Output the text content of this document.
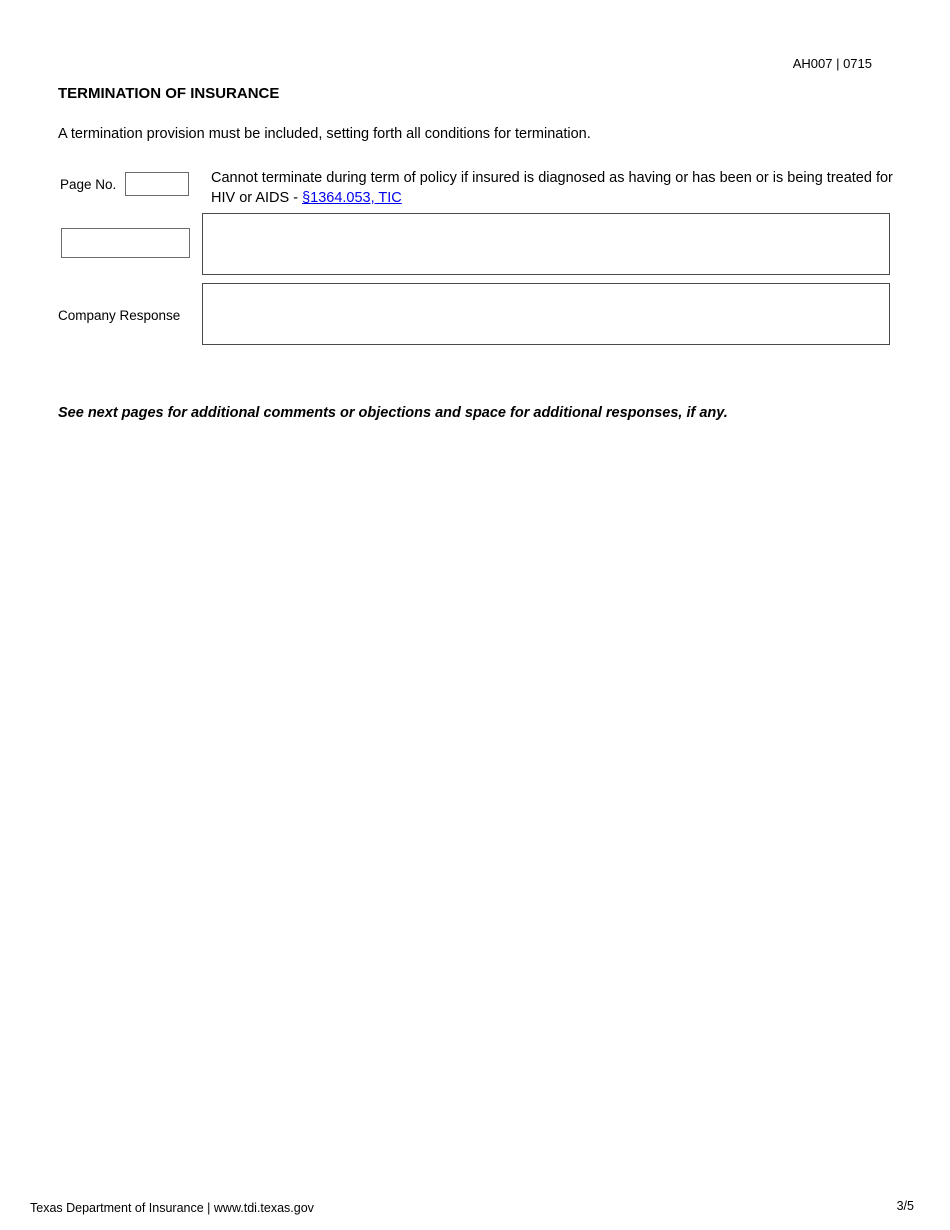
AH007 | 0715
TERMINATION OF INSURANCE
A termination provision must be included, setting forth all conditions for termination.
Page No.	Cannot terminate during term of policy if insured is diagnosed as having or has been or is being treated for HIV or AIDS - §1364.053, TIC
Company Response
See next pages for additional comments or objections and space for additional responses, if any.
Texas Department of Insurance | www.tdi.texas.gov	3/5
